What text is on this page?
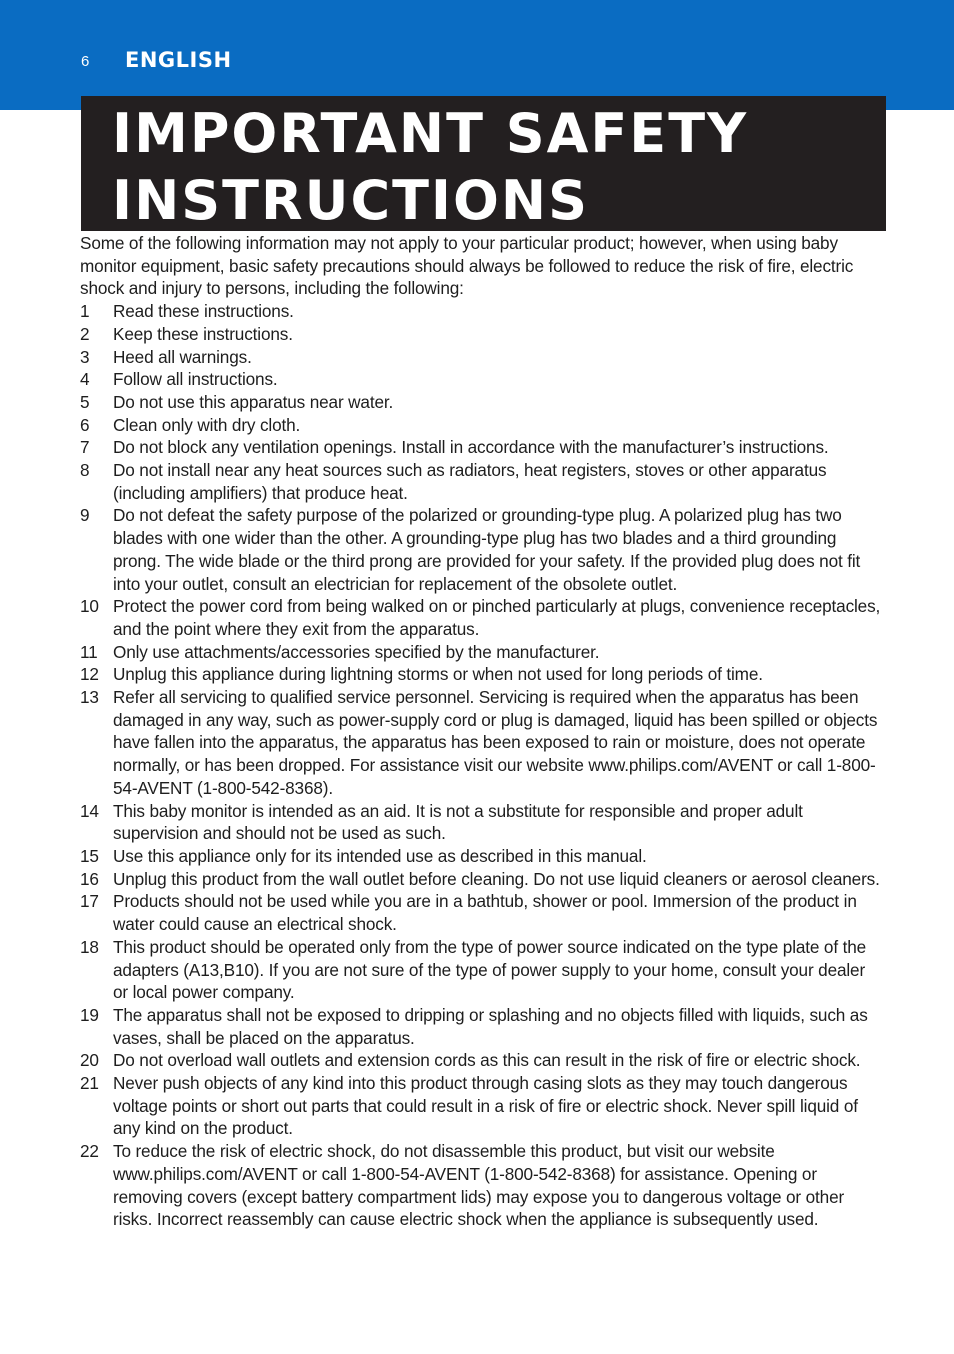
6 ENGLISH
IMPORTANT SAFETY
INSTRUCTIONS

Some of the following information may not apply to your particular product; however, when using baby monitor equipment, basic safety precautions should always be followed to reduce the risk of fire, electric shock and injury to persons, including the following:

1 Read these instructions.
2 Keep these instructions.
3 Heed all warnings.
4 Follow all instructions.
5 Do not use this apparatus near water.
6 Clean only with dry cloth.
7 Do not block any ventilation openings. Install in accordance with the manufacturer’s instructions.
8 Do not install near any heat sources such as radiators, heat registers, stoves or other apparatus (including amplifiers) that produce heat.
9 Do not defeat the safety purpose of the polarized or grounding-type plug. A polarized plug has two blades with one wider than the other. A grounding-type plug has two blades and a third grounding prong. The wide blade or the third prong are provided for your safety. If the provided plug does not fit into your outlet, consult an electrician for replacement of the obsolete outlet.
10 Protect the power cord from being walked on or pinched particularly at plugs, convenience receptacles, and the point where they exit from the apparatus.
11 Only use attachments/accessories specified by the manufacturer.
12 Unplug this appliance during lightning storms or when not used for long periods of time.
13 Refer all servicing to qualified service personnel. Servicing is required when the apparatus has been damaged in any way, such as power-supply cord or plug is damaged, liquid has been spilled or objects have fallen into the apparatus, the apparatus has been exposed to rain or moisture, does not operate normally, or has been dropped. For assistance visit our website www.philips.com/AVENT or call 1-800-54-AVENT (1-800-542-8368).
14 This baby monitor is intended as an aid. It is not a substitute for responsible and proper adult supervision and should not be used as such.
15 Use this appliance only for its intended use as described in this manual.
16 Unplug this product from the wall outlet before cleaning. Do not use liquid cleaners or aerosol cleaners.
17 Products should not be used while you are in a bathtub, shower or pool. Immersion of the product in water could cause an electrical shock.
18 This product should be operated only from the type of power source indicated on the type plate of the adapters (A13,B10). If you are not sure of the type of power supply to your home, consult your dealer or local power company.
19 The apparatus shall not be exposed to dripping or splashing and no objects filled with liquids, such as vases, shall be placed on the apparatus.
20 Do not overload wall outlets and extension cords as this can result in the risk of fire or electric shock.
21 Never push objects of any kind into this product through casing slots as they may touch dangerous voltage points or short out parts that could result in a risk of fire or electric shock. Never spill liquid of any kind on the product.
22 To reduce the risk of electric shock, do not disassemble this product, but visit our website www.philips.com/AVENT or call 1-800-54-AVENT (1-800-542-8368) for assistance. Opening or removing covers (except battery compartment lids) may expose you to dangerous voltage or other risks. Incorrect reassembly can cause electric shock when the appliance is subsequently used.
